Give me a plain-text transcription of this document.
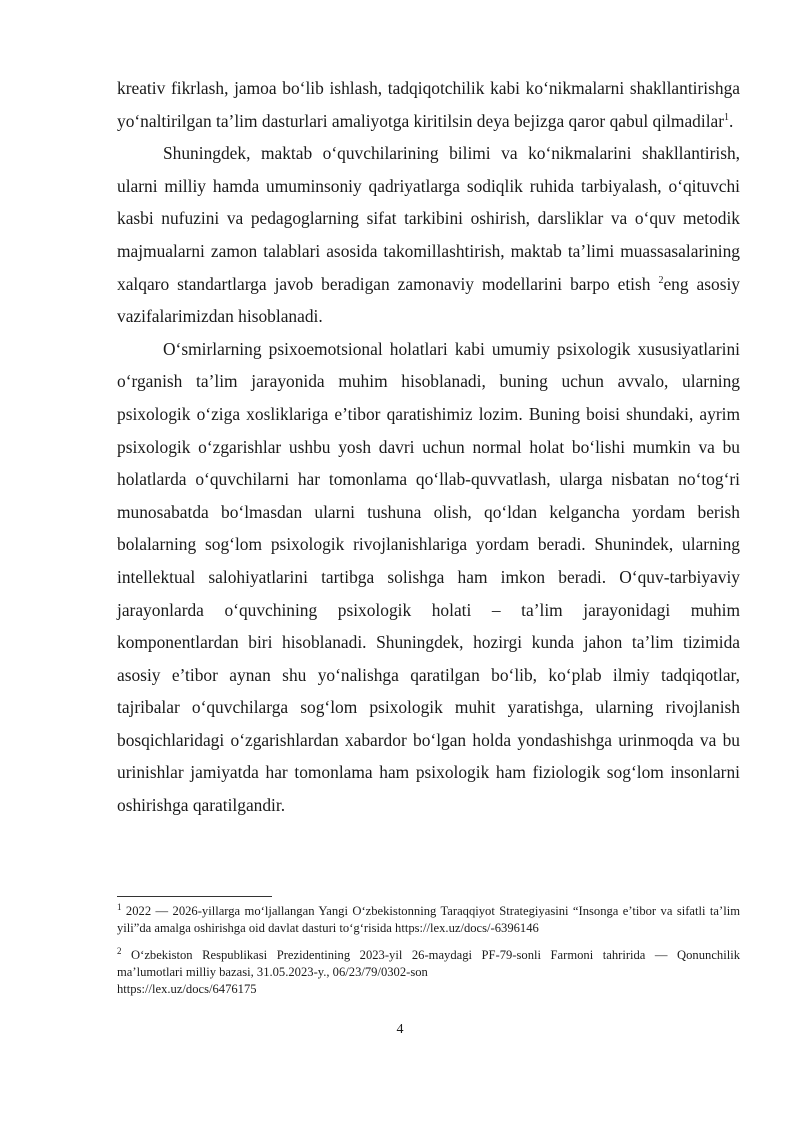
kreativ fikrlash, jamoa bo‘lib ishlash, tadqiqotchilik kabi ko‘nikmalarni shakllantirishga yo‘naltirilgan ta’lim dasturlari amaliyotga kiritilsin deya bejizga qaror qabul qilmadilar$^1$.

Shuningdek, maktab o‘quvchilarining bilimi va ko‘nikmalarini shakllantirish, ularni milliy hamda umuminsoniy qadriyatlarga sodiqlik ruhida tarbiyalash, o‘qituvchi kasbi nufuzini va pedagoglarning sifat tarkibini oshirish, darsliklar va o‘quv metodik majmualarni zamon talablari asosida takomillashtirish, maktab ta’limi muassasalarining xalqaro standartlarga javob beradigan zamonaviy modellarini barpo etish $^2$eng asosiy vazifalarimizdan hisoblanadi.

O‘smirlarning psixoemotsional holatlari kabi umumiy psixologik xususiyatlarini o‘rganish ta’lim jarayonida muhim hisoblanadi, buning uchun avvalo, ularning psixologik o‘ziga xosliklariga e’tibor qaratishimiz lozim. Buning boisi shundaki, ayrim psixologik o‘zgarishlar ushbu yosh davri uchun normal holat bo‘lishi mumkin va bu holatlarda o‘quvchilarni har tomonlama qo‘llab-quvvatlash, ularga nisbatan no‘tog‘ri munosabatda bo‘lmasdan ularni tushuna olish, qo‘ldan kelgancha yordam berish bolalarning sog‘lom psixologik rivojlanishlariga yordam beradi. Shunindek, ularning intellektual salohiyatlarini tartibga solishga ham imkon beradi. O‘quv-tarbiyaviy jarayonlarda o‘quvchining psixologik holati – ta’lim jarayonidagi muhim komponentlardan biri hisoblanadi. Shuningdek, hozirgi kunda jahon ta’lim tizimida asosiy e’tibor aynan shu yo‘nalishga qaratilgan bo‘lib, ko‘plab ilmiy tadqiqotlar, tajribalar o‘quvchilarga sog‘lom psixologik muhit yaratishga, ularning rivojlanish bosqichlaridagi o‘zgarishlardan xabardor bo‘lgan holda yondashishga urinmoqda va bu urinishlar jamiyatda har tomonlama ham psixologik ham fiziologik sog‘lom insonlarni oshirishga qaratilgandir.

$^1$ 2022 — 2026-yillarga mo‘ljallangan Yangi O‘zbekistonning Taraqqiyot Strategiyasini “Insonga e’tibor va sifatli ta’lim yili”da amalga oshirishga oid davlat dasturi to‘g‘risida https://lex.uz/docs/-6396146

$^2$ O‘zbekiston Respublikasi Prezidentining 2023-yil 26-maydagi PF-79-sonli Farmoni tahririda — Qonunchilik ma’lumotlari milliy bazasi, 31.05.2023-y., 06/23/79/0302-son
https://lex.uz/docs/6476175

4
